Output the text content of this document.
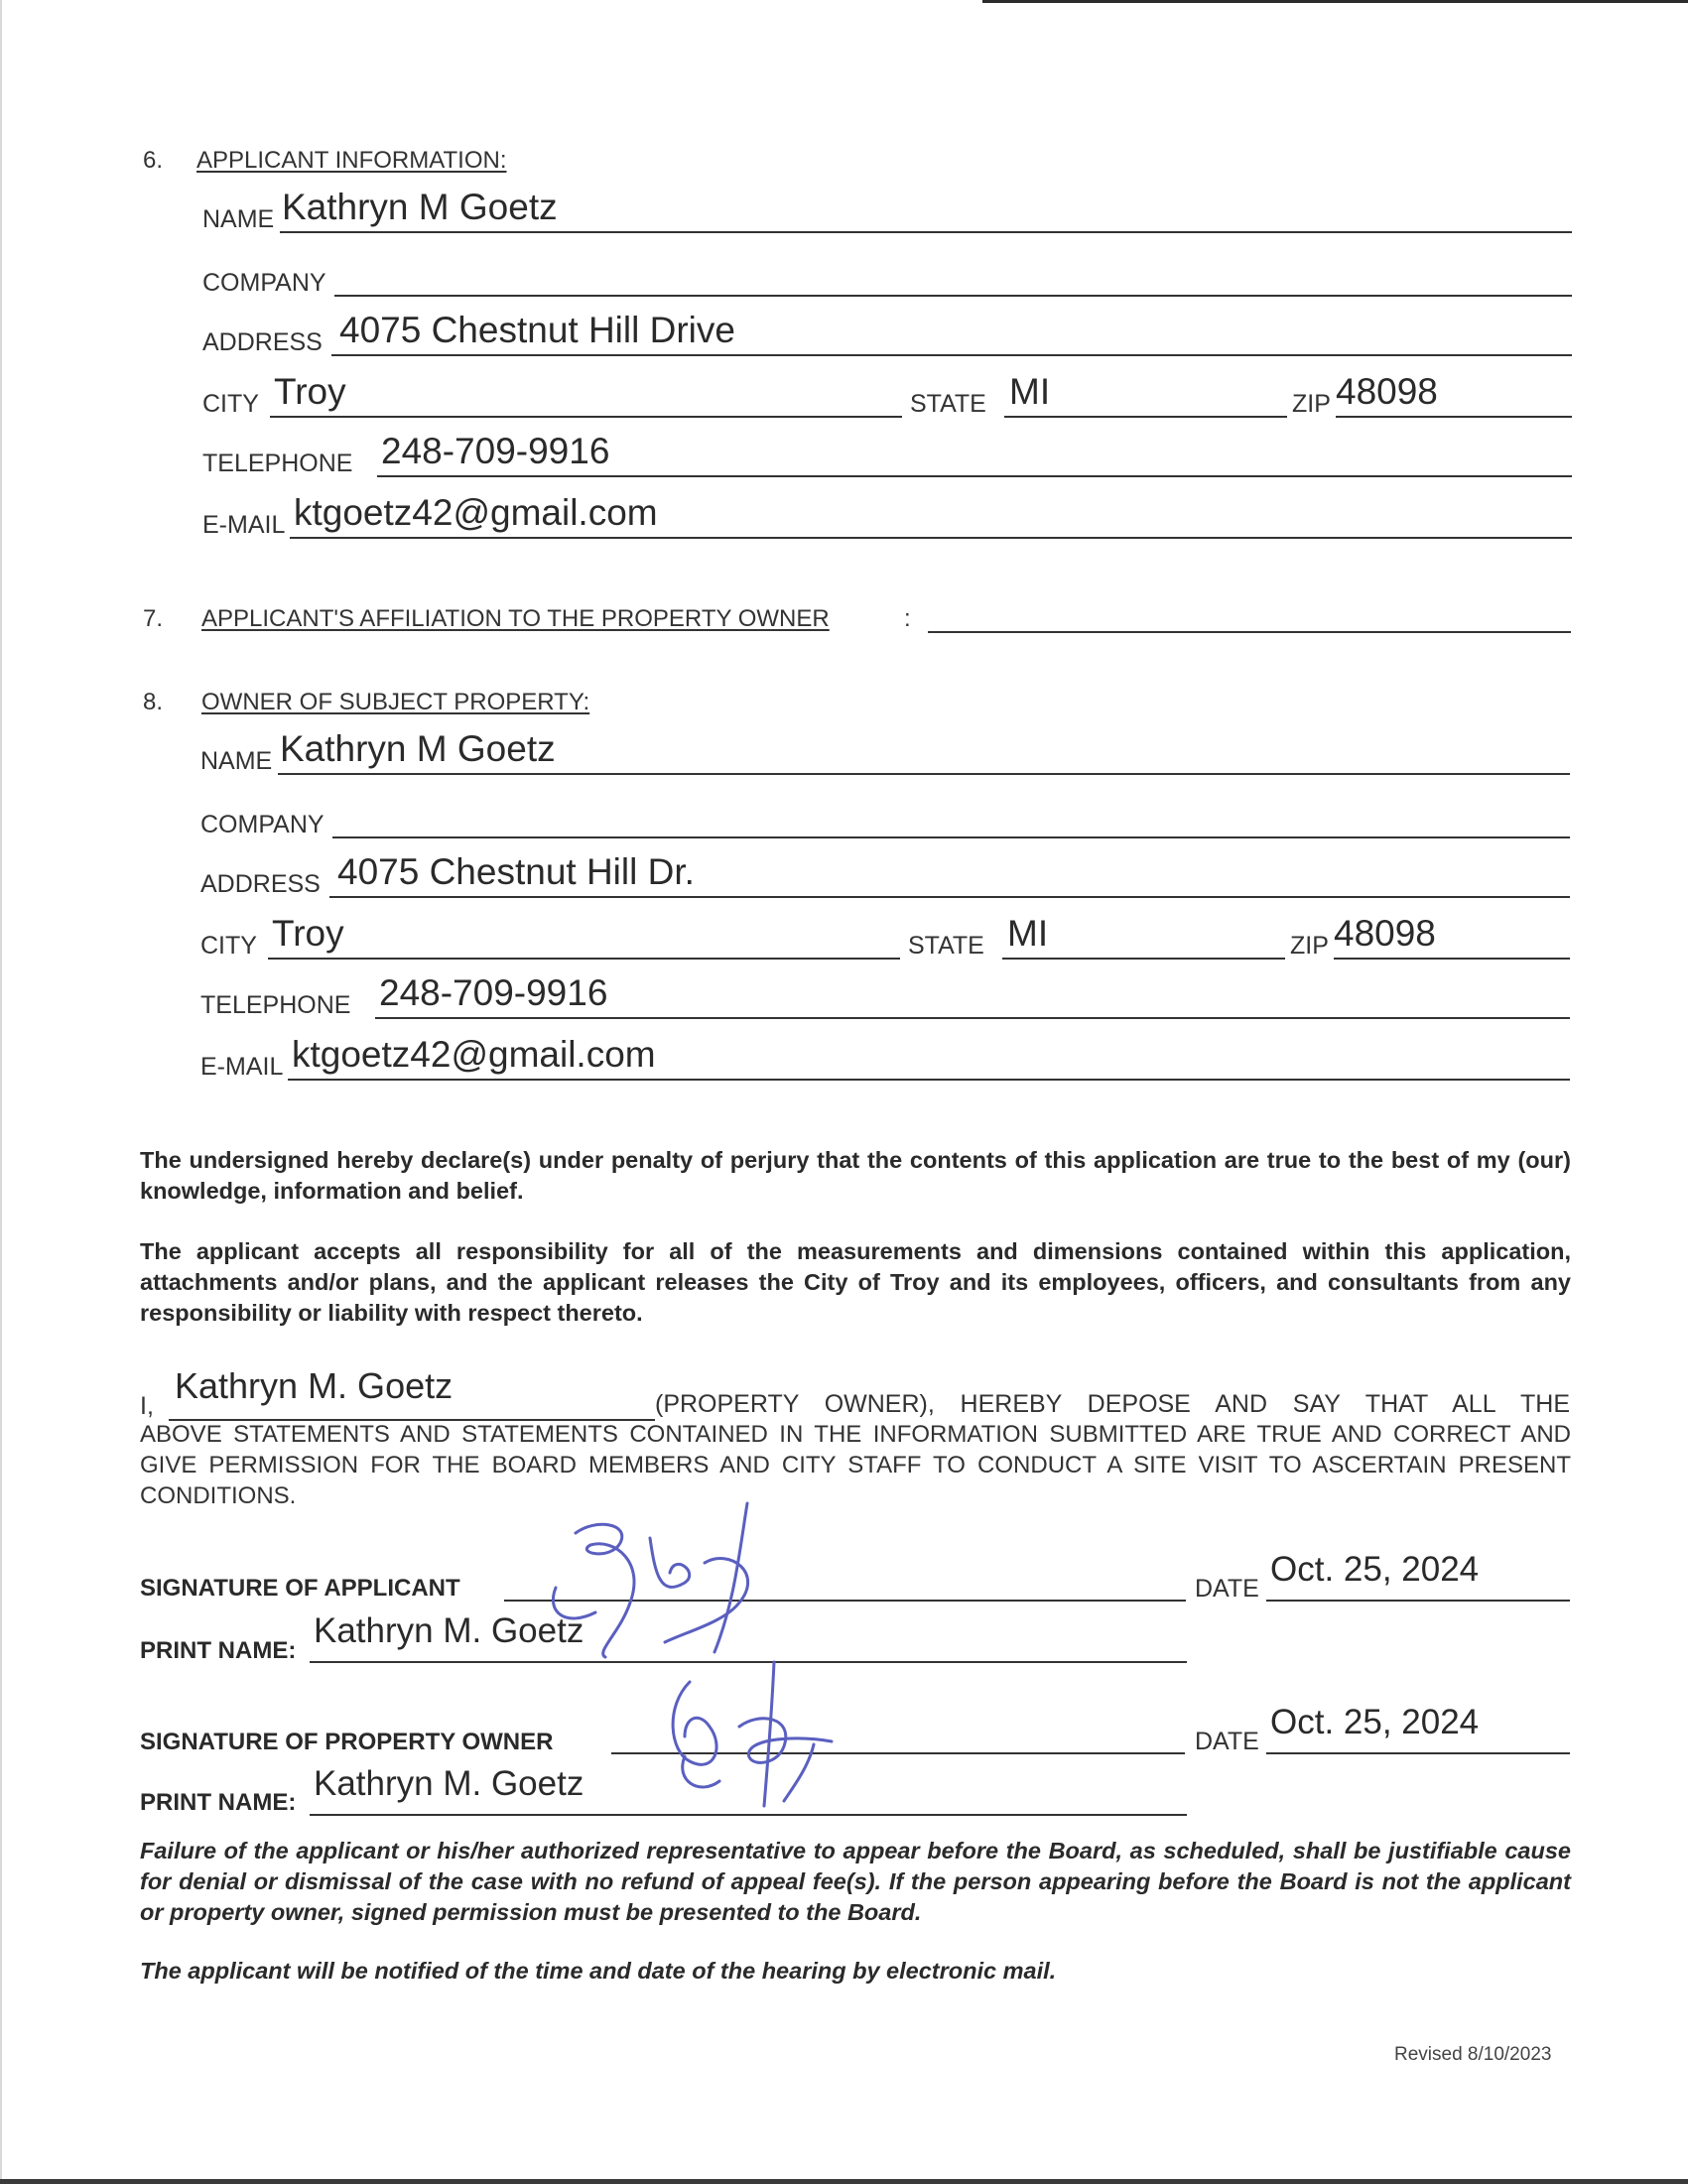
6. APPLICANT INFORMATION:
NAME Kathryn M Goetz
COMPANY
ADDRESS 4075 Chestnut Hill Drive
CITY Troy	STATE MI	ZIP 48098
TELEPHONE 248-709-9916
E-MAIL ktgoetz42@gmail.com
7. APPLICANT'S AFFILIATION TO THE PROPERTY OWNER	:
8. OWNER OF SUBJECT PROPERTY:
NAME Kathryn M Goetz
COMPANY
ADDRESS 4075 Chestnut Hill Dr.
CITY Troy	STATE MI	ZIP 48098
TELEPHONE 248-709-9916
E-MAIL ktgoetz42@gmail.com
The undersigned hereby declare(s) under penalty of perjury that the contents of this application are true to the best of my (our) knowledge, information and belief.
The applicant accepts all responsibility for all of the measurements and dimensions contained within this application, attachments and/or plans, and the applicant releases the City of Troy and its employees, officers, and consultants from any responsibility or liability with respect thereto.
I, Kathryn M. Goetz	(PROPERTY OWNER), HEREBY DEPOSE AND SAY THAT ALL THE
ABOVE STATEMENTS AND STATEMENTS CONTAINED IN THE INFORMATION SUBMITTED ARE TRUE AND CORRECT AND GIVE PERMISSION FOR THE BOARD MEMBERS AND CITY STAFF TO CONDUCT A SITE VISIT TO ASCERTAIN PRESENT CONDITIONS.
SIGNATURE OF APPLICANT	DATE Oct. 25, 2024
PRINT NAME:
Kathryn M. Goetz
SIGNATURE OF PROPERTY OWNER	DATE Oct. 25, 2024
PRINT NAME: Kathryn M. Goetz
Failure of the applicant or his/her authorized representative to appear before the Board, as scheduled, shall be justifiable cause for denial or dismissal of the case with no refund of appeal fee(s). If the person appearing before the Board is not the applicant or property owner, signed permission must be presented to the Board.
The applicant will be notified of the time and date of the hearing by electronic mail.
Revised 8/10/2023
